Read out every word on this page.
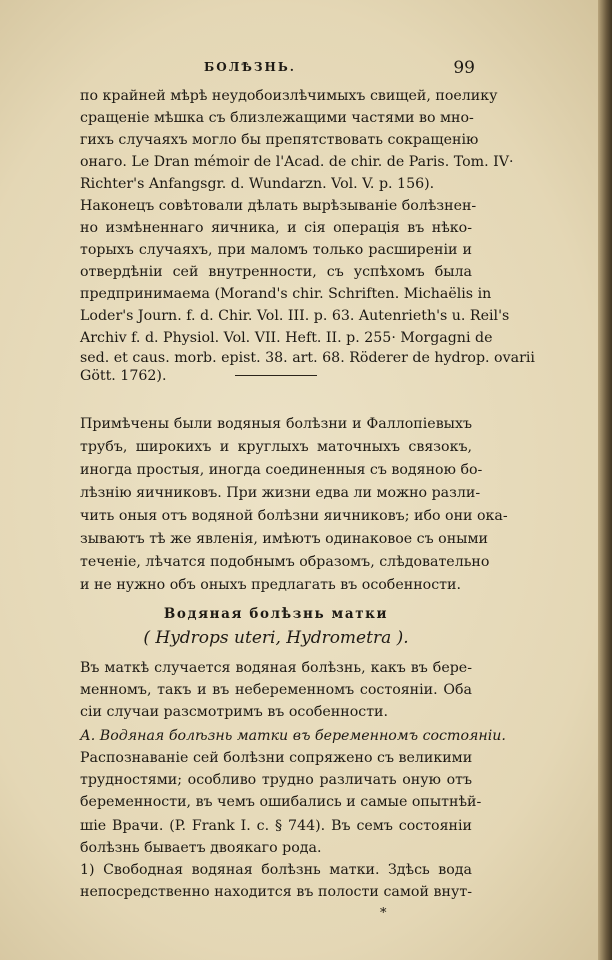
БОЛѢЗНЬ.	99
по крайней мѣрѣ неудобоизлѣчимыхъ свищей, поелику
сращеніе мѣшка съ близлежащими частями во мно-
гихъ случаяхъ могло бы препятствовать сокращенію
онаго. Le Dran mémoir de l'Acad. de chir. de Paris. Tom. IV·
Richter's Anfangsgr. d. Wundarzn. Vol. V. p. 156).
Наконецъ совѣтовали дѣлать вырѣзываніе болѣзнен-
но измѣненнаго яичника, и сія операція въ нѣко-
торыхъ случаяхъ, при маломъ только расширеніи и
отвердѣніи сей внутренности, съ успѣхомъ была
предпринимаема (Morand's chir. Schriften. Michaëlis in
Loder's Journ. f. d. Chir. Vol. III. p. 63. Autenrieth's u. Reil's
Archiv f. d. Physiol. Vol. VII. Heft. II. p. 255· Morgagni de
sed. et caus. morb. epist. 38. art. 68. Röderer de hydrop. ovarii
Gött. 1762).
Примѣчены были водяныя болѣзни и Фаллопіевыхъ
трубъ, широкихъ и круглыхъ маточныхъ связокъ,
иногда простыя, иногда соединенныя съ водяною бо-
лѣзнію яичниковъ. При жизни едва ли можно разли-
чить оныя отъ водяной болѣзни яичниковъ; ибо они ока-
зываютъ тѣ же явленія, имѣютъ одинаковое съ оными
теченіе, лѣчатся подобнымъ образомъ, слѣдовательно
и не нужно объ оныхъ предлагать въ особенности.
Водяная болѣзнь матки
( Hydrops uteri, Hydrometra ).
Въ маткѣ случается водяная болѣзнь, какъ въ бере-
менномъ, такъ и въ небеременномъ состояніи. Оба
сіи случаи разсмотримъ въ особенности.
А. Водяная болѣзнь матки въ беременномъ состояніи.
Распознаваніе сей болѣзни сопряжено съ великими
трудностями; особливо трудно различать оную отъ
беременности, въ чемъ ошибались и самые опытнѣй-
шіе Врачи. (P. Frank I. c. § 744). Въ семъ состояніи
болѣзнь бываетъ двоякаго рода.
1) Свободная водяная болѣзнь матки. Здѣсь вода
непосредственно находится въ полости самой внут-
*
